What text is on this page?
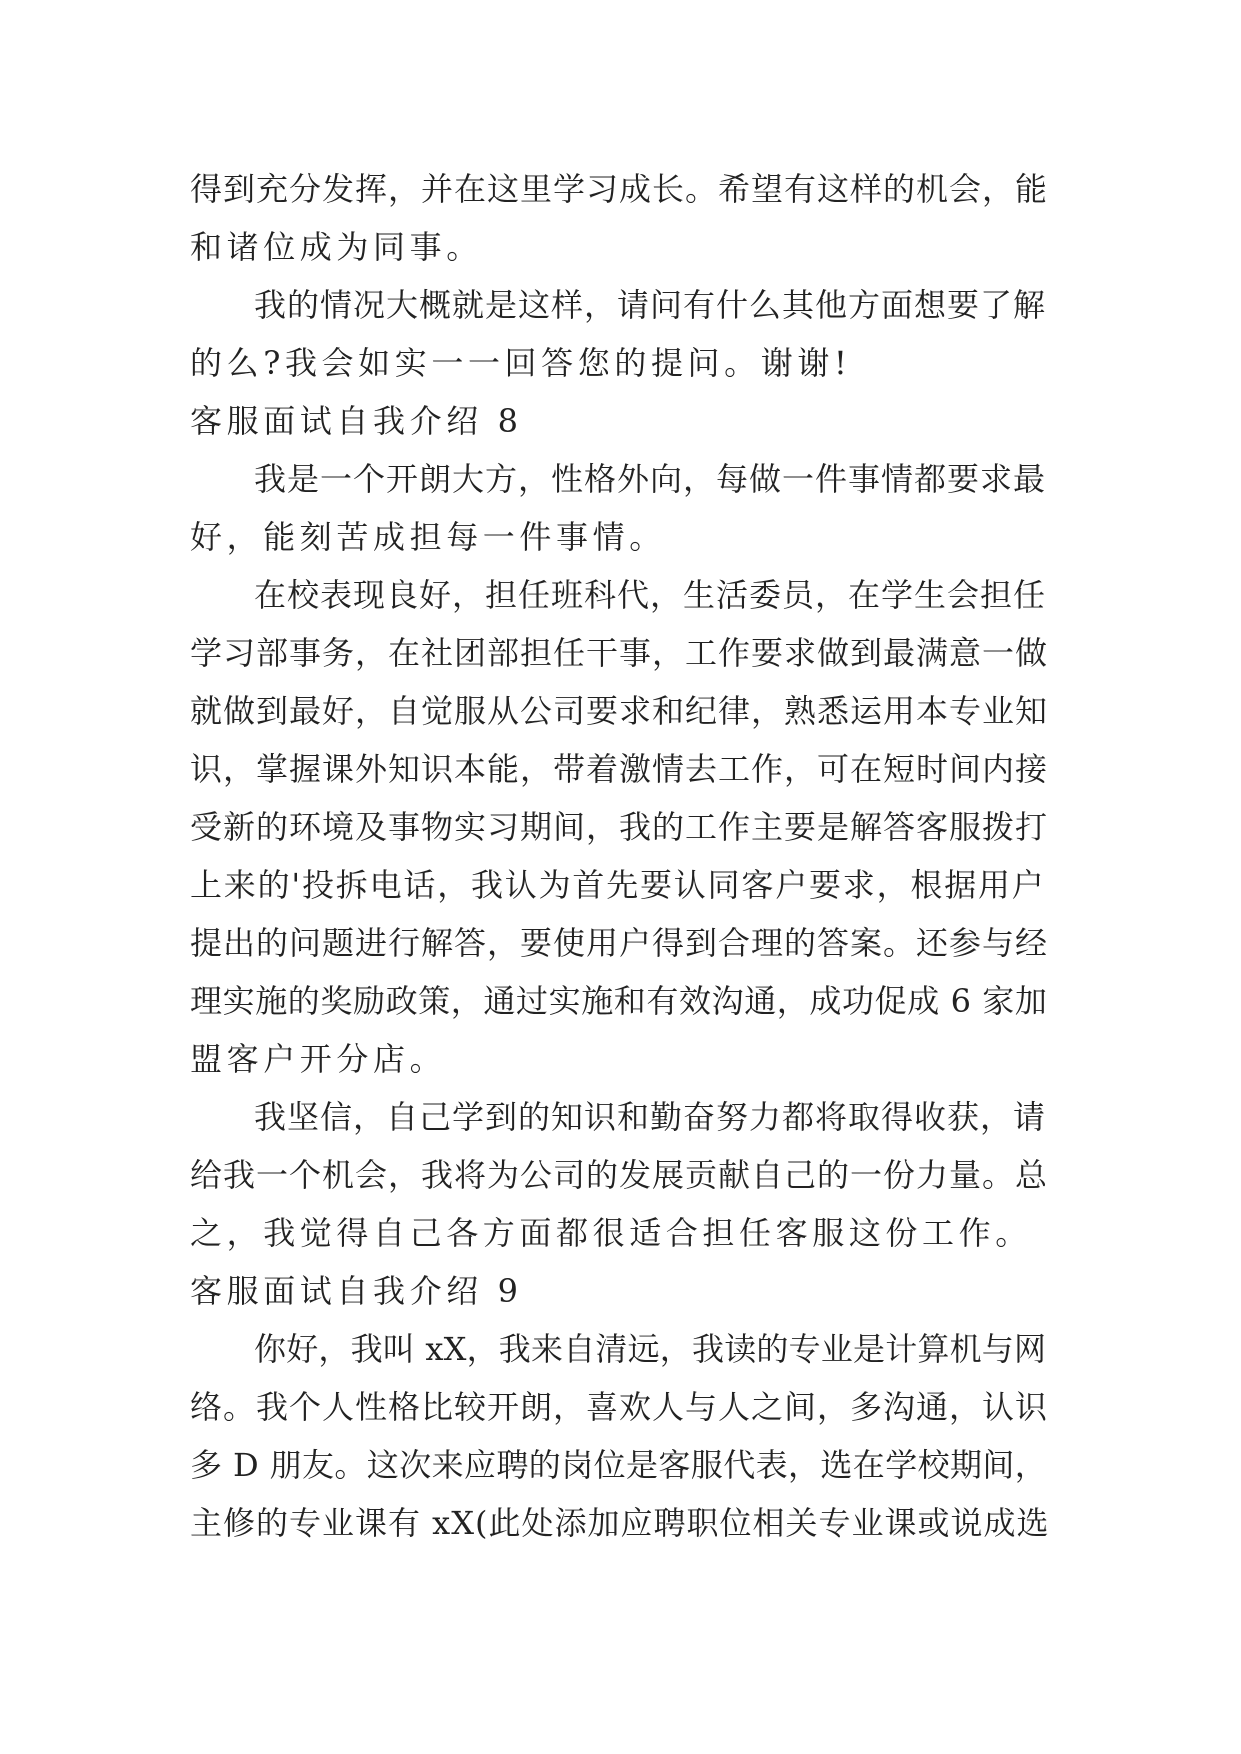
得到充分发挥，并在这里学习成长。希望有这样的机会，能
和诸位成为同事。
我的情况大概就是这样，请问有什么其他方面想要了解
的么?我会如实一一回答您的提问。谢谢!
客服面试自我介绍 8
我是一个开朗大方，性格外向，每做一件事情都要求最
好，能刻苦成担每一件事情。
在校表现良好，担任班科代，生活委员，在学生会担任
学习部事务，在社团部担任干事，工作要求做到最满意一做
就做到最好，自觉服从公司要求和纪律，熟悉运用本专业知
识，掌握课外知识本能，带着激情去工作，可在短时间内接
受新的环境及事物实习期间，我的工作主要是解答客服拨打
上来的'投拆电话，我认为首先要认同客户要求，根据用户
提出的问题进行解答，要使用户得到合理的答案。还参与经
理实施的奖励政策，通过实施和有效沟通，成功促成 6 家加
盟客户开分店。
我坚信，自己学到的知识和勤奋努力都将取得收获，请
给我一个机会，我将为公司的发展贡献自己的一份力量。总
之，我觉得自己各方面都很适合担任客服这份工作。
客服面试自我介绍 9
你好，我叫 xX，我来自清远，我读的专业是计算机与网
络。我个人性格比较开朗，喜欢人与人之间，多沟通，认识
多 D 朋友。这次来应聘的岗位是客服代表，选在学校期间，
主修的专业课有 xX(此处添加应聘职位相关专业课或说成选
